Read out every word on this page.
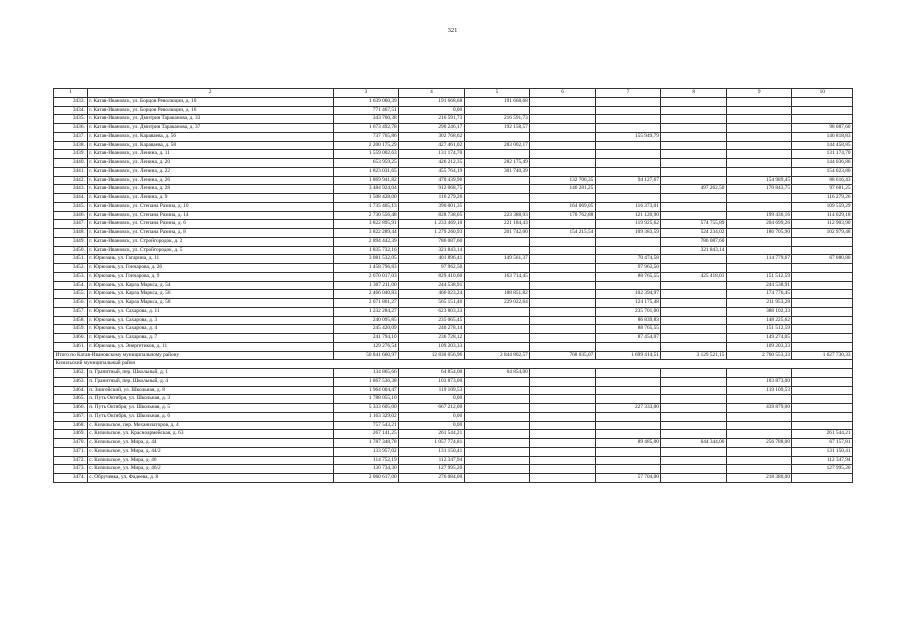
321
1	2	3	4	5	6	7	8	9	10
3433.	г. Катав-Ивановск, ул. Борцов Революции, д. 10	1 639 060,39	191 668,68	191 668,68					
3434.	г. Катав-Ивановск, ул. Борцов Революции, д. 16	771 467,51	0,00						
3435.	г. Катав-Ивановск, ул. Дмитрия Тараканова, д. 33	343 760,38	216 591,73	216 591,73					
3436.	г. Катав-Ивановск, ул. Дмитрия Тараканова, д. 37	1 673 492,78	290 246,17	192 158,57					98 087,60
3437.	г. Катав-Ивановск, ул. Караваева, д. 56	737 765,86	302 768,62			155 949,79			146 818,83
3438.	г. Катав-Ивановск, ул. Караваева, д. 58	2 200 175,29	427 461,02	283 002,17					144 458,85
3439.	г. Катав-Ивановск, ул. Ленина, д. 11	1 559 002,63	131 174,70						131 174,70
3440.	г. Катав-Ивановск, ул. Ленина, д. 20	653 959,25	426 212,35	282 175,49					144 036,86
3441.	г. Катав-Ивановск, ул. Ленина, д. 22	1 823 031,65	455 764,19	301 740,39					154 023,80
3442.	г. Катав-Ивановск, ул. Ленина, д. 26	1 869 941,82	470 439,90		132 706,35	94 127,67		154 989,45	88 616,43
3443.	г. Катав-Ивановск, ул. Ленина, д. 28	3 484 924,04	912 068,75		146 281,25		497 262,50	170 843,75	97 681,25
3444.	г. Катав-Ивановск, ул. Ленина, д. 9	1 508 428,00	116 279,26						116 279,26
3445.	г. Катав-Ивановск, ул. Степана Разина, д. 10	1 735 405,13	390 001,35		164 069,05	116 373,01			109 559,29
3446.	г. Катав-Ивановск, ул. Степана Разина, д. 14	2 730 556,48	828 738,05	223 388,93	170 762,88	121 120,90		199 436,16	114 029,18
3447.	г. Катав-Ивановск, ул. Степана Разина, д. 6	3 822 895,91	1 233 469,10	221 184,43		119 925,62	574 755,89	204 699,26	112 903,90
3448.	г. Катав-Ивановск, ул. Степана Разина, д. 8	3 822 289,44	1 279 260,93	201 742,00	154 215,54	109 383,59	524 234,02	186 705,90	102 979,48
3449.	г. Катав-Ивановск, ул. Стройгородок, д. 2	2 894 442,39	786 087,60				786 087,60		
3450.	г. Катав-Ивановск, ул. Стройгородок, д. 5	1 835 732,16	321 843,14				321 843,14		
3451.	г. Юрюзань, ул. Гагарина, д. 11	3 081 532,05	401 896,41	149 561,37		70 474,58		114 779,67	67 080,80
3452.	г. Юрюзань, ул. Гончарова, д. 26	1 458 796,83	97 962,50			97 962,50			
3453.	г. Юрюзань, ул. Гончарова, д. 9	2 670 017,03	829 410,60	163 714,45		88 765,55	425 418,01	151 512,59	
3454.	г. Юрюзань, ул. Карла Маркса, д. 54	1 307 211,00	244 538,91					244 538,91	
3455.	г. Юрюзань, ул. Карла Маркса, д. 56	2 466 040,83	466 023,24	188 851,82		102 394,97		174 776,45	
3456.	г. Юрюзань, ул. Карла Маркса, д. 58	2 671 861,27	565 151,40	229 022,64		124 175,48		211 953,28	
3457.	г. Юрюзань, ул. Сахарова, д. 11	1 232 284,27	623 803,33			235 701,00		388 102,33	
3458.	г. Юрюзань, ул. Сахарова, д. 3	240 095,85	235 065,45			86 839,83		148 225,62	
3459.	г. Юрюзань, ул. Сахарова, д. 4	245 420,09	240 278,14			88 765,55		151 512,59	
3460.	г. Юрюзань, ул. Сахарова, д. 7	241 794,10	236 728,12			87 454,07		149 274,05	
3461.	г. Юрюзань, ул. Энергетиков, д. 11	129 276,54	109 203,33					109 203,33	
Итого по Катав-Ивановскому муниципальному району		50 841 660,97	12 830 056,96	2 844 802,57	768 035,07	1 699 414,51	3 129 521,15	2 760 553,33	1 627 730,33
Кизильский муниципальный район									
3462.	п. Гранитный, пер. Школьный, д. 1	134 865,66	64 854,00	64 854,00					
3463.	п. Гранитный, пер. Школьный, д. 4	1 867 536,38	103 873,00					103 873,00	
3464.	п. Зингейский, ул. Школьная, д. 8	1 964 004,47	119 109,53					119 109,53	
3465.	п. Путь Октября, ул. Школьная, д. 3	1 788 055,10	0,00						
3466.	п. Путь Октября, ул. Школьная, д. 5	5 333 605,00	667 212,00			227 333,00		439 879,00	
3467.	п. Путь Октября, ул. Школьная, д. 6	1 163 329,02	0,00						
3468.	с. Кизильское, пер. Механизаторов, д. 4	757 543,21	0,00						
3469.	с. Кизильское, ул. Красноармейская, д. 63	267 141,25	261 544,21						261 544,21
3470.	с. Кизильское, ул. Мира, д. 44	1 787 348,78	1 057 774,81			89 485,00	644 344,00	256 788,00	67 157,81
3471.	с. Кизильское, ул. Мира, д. 44/2	133 957,02	131 150,41						131 150,41
3472.	с. Кизильское, ул. Мира, д. 46	114 752,19	112 347,94						112 347,94
3473.	с. Кизильское, ул. Мира, д. 46/2	130 734,30	127 995,20						127 995,20
3474.	с. Обручевка, ул. Фадеева, д. 8	2 060 617,00	276 084,00			57 704,00		218 380,00	
